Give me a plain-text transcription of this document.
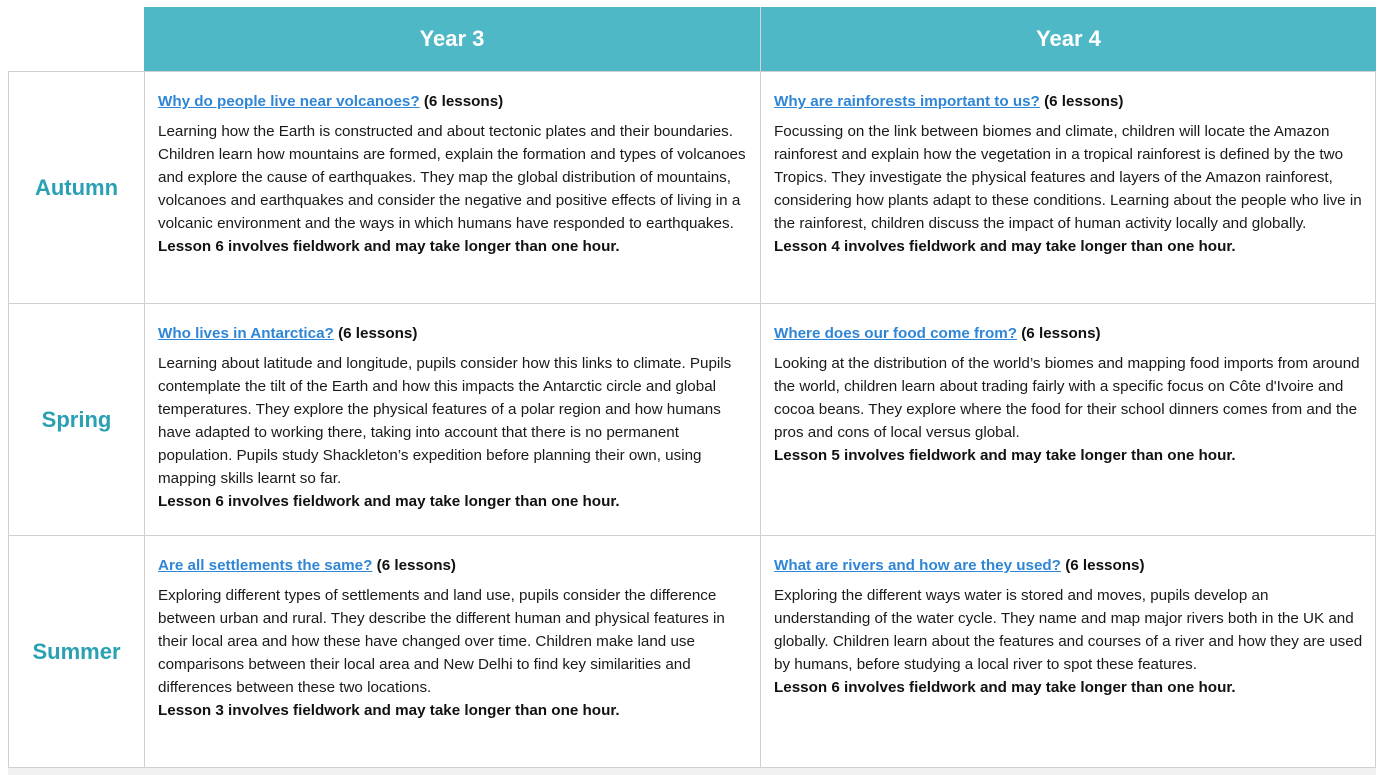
Year 3	Year 4
Autumn

Why do people live near volcanoes? (6 lessons)

Learning how the Earth is constructed and about tectonic plates and their boundaries. Children learn how mountains are formed, explain the formation and types of volcanoes and explore the cause of earthquakes. They map the global distribution of mountains, volcanoes and earthquakes and consider the negative and positive effects of living in a volcanic environment and the ways in which humans have responded to earthquakes.

Lesson 6 involves fieldwork and may take longer than one hour.

Why are rainforests important to us? (6 lessons)

Focussing on the link between biomes and climate, children will locate the Amazon rainforest and explain how the vegetation in a tropical rainforest is defined by the two Tropics. They investigate the physical features and layers of the Amazon rainforest, considering how plants adapt to these conditions. Learning about the people who live in the rainforest, children discuss the impact of human activity locally and globally.

Lesson 4 involves fieldwork and may take longer than one hour.

Spring

Who lives in Antarctica? (6 lessons)

Learning about latitude and longitude, pupils consider how this links to climate. Pupils contemplate the tilt of the Earth and how this impacts the Antarctic circle and global temperatures. They explore the physical features of a polar region and how humans have adapted to working there, taking into account that there is no permanent population. Pupils study Shackleton’s expedition before planning their own, using mapping skills learnt so far.

Lesson 6 involves fieldwork and may take longer than one hour.

Where does our food come from? (6 lessons)

Looking at the distribution of the world’s biomes and mapping food imports from around the world, children learn about trading fairly with a specific focus on Côte d'Ivoire and cocoa beans. They explore where the food for their school dinners comes from and the pros and cons of local versus global.

Lesson 5 involves fieldwork and may take longer than one hour.

Summer

Are all settlements the same? (6 lessons)

Exploring different types of settlements and land use, pupils consider the difference between urban and rural. They describe the different human and physical features in their local area and how these have changed over time. Children make land use comparisons between their local area and New Delhi to find key similarities and differences between these two locations.

Lesson 3 involves fieldwork and may take longer than one hour.

What are rivers and how are they used? (6 lessons)

Exploring the different ways water is stored and moves, pupils develop an understanding of the water cycle. They name and map major rivers both in the UK and globally. Children learn about the features and courses of a river and how they are used by humans, before studying a local river to spot these features.

Lesson 6 involves fieldwork and may take longer than one hour.
